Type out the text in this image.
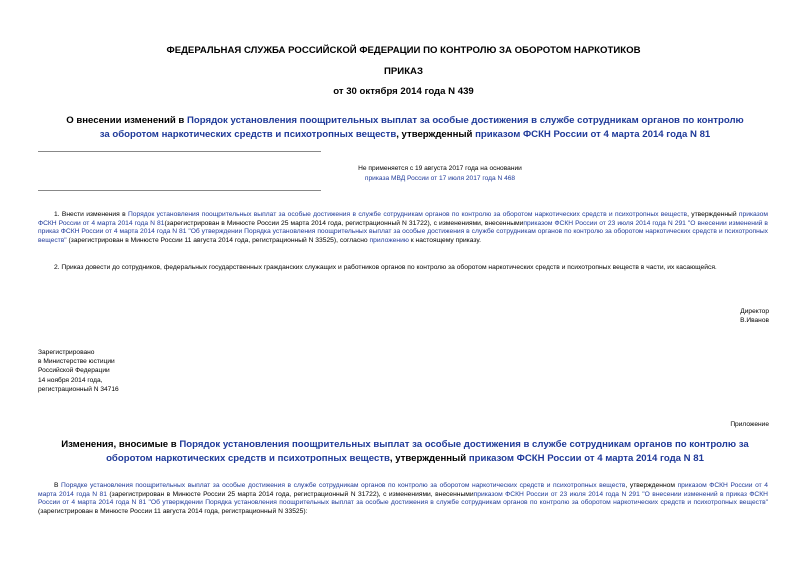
ФЕДЕРАЛЬНАЯ СЛУЖБА РОССИЙСКОЙ ФЕДЕРАЦИИ ПО КОНТРОЛЮ ЗА ОБОРОТОМ НАРКОТИКОВ
ПРИКАЗ
от 30 октября 2014 года N 439
О внесении изменений в Порядок установления поощрительных выплат за особые достижения в службе сотрудникам органов по контролю за оборотом наркотических средств и психотропных веществ, утвержденный приказом ФСКН России от 4 марта 2014 года N 81
Не применяется с 19 августа 2017 года на основании
приказа МВД России от 17 июля 2017 года N 468
1. Внести изменения в Порядок установления поощрительных выплат за особые достижения в службе сотрудникам органов по контролю за оборотом наркотических средств и психотропных веществ, утвержденный приказом ФСКН России от 4 марта 2014 года N 81(зарегистрирован в Минюсте России 25 марта 2014 года, регистрационный N 31722), с изменениями, внесеннымиприказом ФСКН России от 23 июля 2014 года N 291 "О внесении изменений в приказ ФСКН России от 4 марта 2014 года N 81 "Об утверждении Порядка установления поощрительных выплат за особые достижения в службе сотрудникам органов по контролю за оборотом наркотических средств и психотропных веществ" (зарегистрирован в Минюсте России 11 августа 2014 года, регистрационный N 33525), согласно приложению к настоящему приказу.
2. Приказ довести до сотрудников, федеральных государственных гражданских служащих и работников органов по контролю за оборотом наркотических средств и психотропных веществ в части, их касающейся.
Директор
В.Иванов
Зарегистрировано
в Министерстве юстиции
Российской Федерации
14 ноября 2014 года,
регистрационный N 34716
Приложение
Изменения, вносимые в Порядок установления поощрительных выплат за особые достижения в службе сотрудникам органов по контролю за оборотом наркотических средств и психотропных веществ, утвержденный приказом ФСКН России от 4 марта 2014 года N 81
В Порядке установления поощрительных выплат за особые достижения в службе сотрудникам органов по контролю за оборотом наркотических средств и психотропных веществ, утвержденном приказом ФСКН России от 4 марта 2014 года N 81 (зарегистрирован в Минюсте России 25 марта 2014 года, регистрационный N 31722), с изменениями, внесеннымиприказом ФСКН России от 23 июля 2014 года N 291 "О внесении изменений в приказ ФСКН России от 4 марта 2014 года N 81 "Об утверждении Порядка установления поощрительных выплат за особые достижения в службе сотрудникам органов по контролю за оборотом наркотических средств и психотропных веществ" (зарегистрирован в Минюсте России 11 августа 2014 года, регистрационный N 33525):
